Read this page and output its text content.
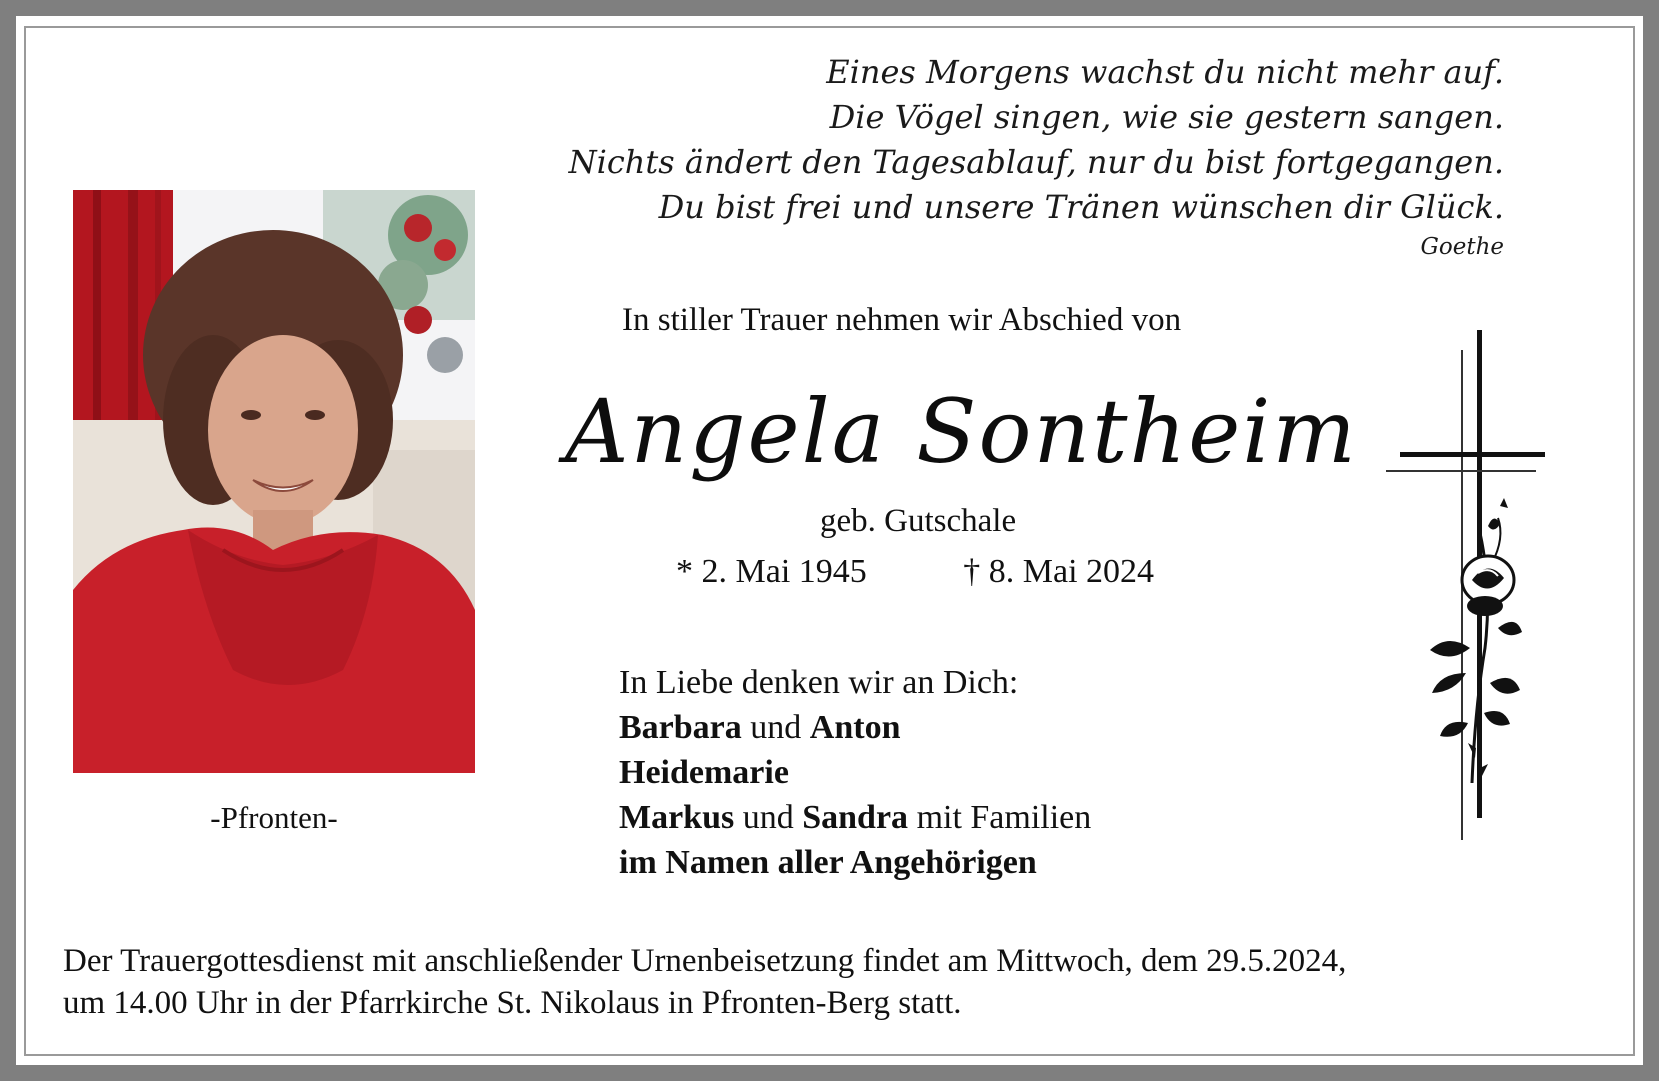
Eines Morgens wachst du nicht mehr auf.
Die Vögel singen, wie sie gestern sangen.
Nichts ändert den Tagesablauf, nur du bist fortgegangen.
Du bist frei und unsere Tränen wünschen dir Glück.
Goethe
-Pfronten-
In stiller Trauer nehmen wir Abschied von
Angela Sontheim
geb. Gutschale
* 2. Mai 1945	† 8. Mai 2024
In Liebe denken wir an Dich:
Barbara und Anton
Heidemarie
Markus und Sandra mit Familien
im Namen aller Angehörigen
Der Trauergottesdienst mit anschließender Urnenbeisetzung findet am Mittwoch, dem 29.5.2024,
um 14.00 Uhr in der Pfarrkirche St. Nikolaus in Pfronten-Berg statt.
